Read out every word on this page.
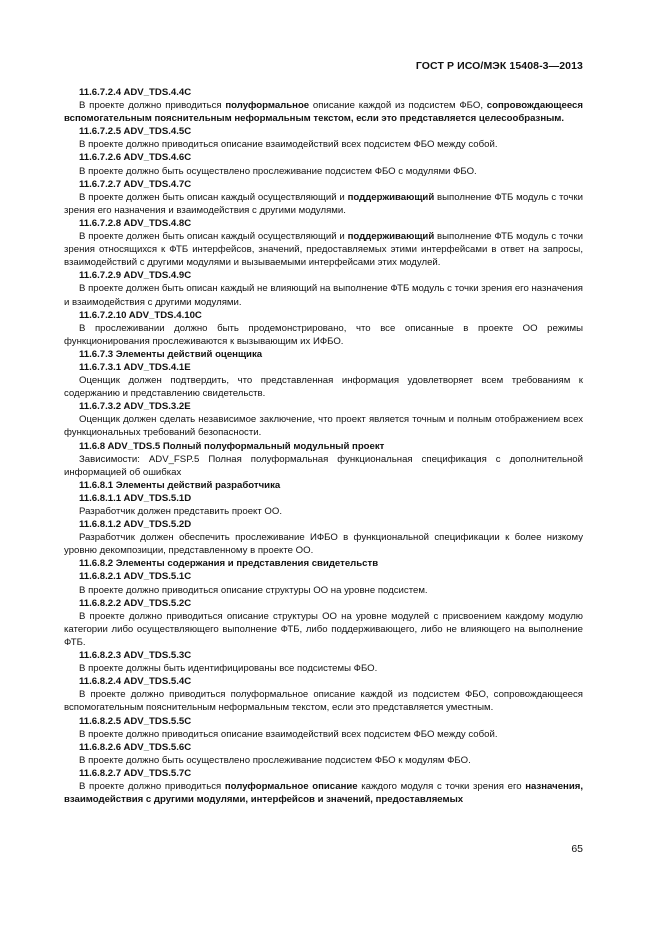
ГОСТ Р ИСО/МЭК 15408-3—2013

11.6.7.2.4 ADV_TDS.4.4C

В проекте должно приводиться полуформальное описание каждой из подсистем ФБО, сопровождающееся вспомогательным пояснительным неформальным текстом, если это представляется целесообразным.

11.6.7.2.5 ADV_TDS.4.5C

В проекте должно приводиться описание взаимодействий всех подсистем ФБО между собой.

11.6.7.2.6 ADV_TDS.4.6C

В проекте должно быть осуществлено прослеживание подсистем ФБО с модулями ФБО.

11.6.7.2.7 ADV_TDS.4.7C

В проекте должен быть описан каждый осуществляющий и поддерживающий выполнение ФТБ модуль с точки зрения его назначения и взаимодействия с другими модулями.

11.6.7.2.8 ADV_TDS.4.8C

В проекте должен быть описан каждый осуществляющий и поддерживающий выполнение ФТБ модуль с точки зрения относящихся к ФТБ интерфейсов, значений, предоставляемых этими интерфейсами в ответ на запросы, взаимодействий с другими модулями и вызываемыми интерфейсами этих модулей.

11.6.7.2.9 ADV_TDS.4.9C

В проекте должен быть описан каждый не влияющий на выполнение ФТБ модуль с точки зрения его назначения и взаимодействия с другими модулями.

11.6.7.2.10 ADV_TDS.4.10C

В прослеживании должно быть продемонстрировано, что все описанные в проекте ОО режимы функционирования прослеживаются к вызывающим их ИФБО.

11.6.7.3 Элементы действий оценщика

11.6.7.3.1 ADV_TDS.4.1E

Оценщик должен подтвердить, что представленная информация удовлетворяет всем требованиям к содержанию и представлению свидетельств.

11.6.7.3.2 ADV_TDS.3.2E

Оценщик должен сделать независимое заключение, что проект является точным и полным отображением всех функциональных требований безопасности.

11.6.8 ADV_TDS.5 Полный полуформальный модульный проект

Зависимости: ADV_FSP.5 Полная полуформальная функциональная спецификация с дополнительной информацией об ошибках

11.6.8.1 Элементы действий разработчика

11.6.8.1.1 ADV_TDS.5.1D

Разработчик должен представить проект ОО.

11.6.8.1.2 ADV_TDS.5.2D

Разработчик должен обеспечить прослеживание ИФБО в функциональной спецификации к более низкому уровню декомпозиции, представленному в проекте ОО.

11.6.8.2 Элементы содержания и представления свидетельств

11.6.8.2.1 ADV_TDS.5.1C

В проекте должно приводиться описание структуры ОО на уровне подсистем.

11.6.8.2.2 ADV_TDS.5.2C

В проекте должно приводиться описание структуры ОО на уровне модулей с присвоением каждому модулю категории либо осуществляющего выполнение ФТБ, либо поддерживающего, либо не влияющего на выполнение ФТБ.

11.6.8.2.3 ADV_TDS.5.3C

В проекте должны быть идентифицированы все подсистемы ФБО.

11.6.8.2.4 ADV_TDS.5.4C

В проекте должно приводиться полуформальное описание каждой из подсистем ФБО, сопровождающееся вспомогательным пояснительным неформальным текстом, если это представляется уместным.

11.6.8.2.5 ADV_TDS.5.5C

В проекте должно приводиться описание взаимодействий всех подсистем ФБО между собой.

11.6.8.2.6 ADV_TDS.5.6C

В проекте должно быть осуществлено прослеживание подсистем ФБО к модулям ФБО.

11.6.8.2.7 ADV_TDS.5.7C

В проекте должно приводиться полуформальное описание каждого модуля с точки зрения его назначения, взаимодействия с другими модулями, интерфейсов и значений, предоставляемых

65
